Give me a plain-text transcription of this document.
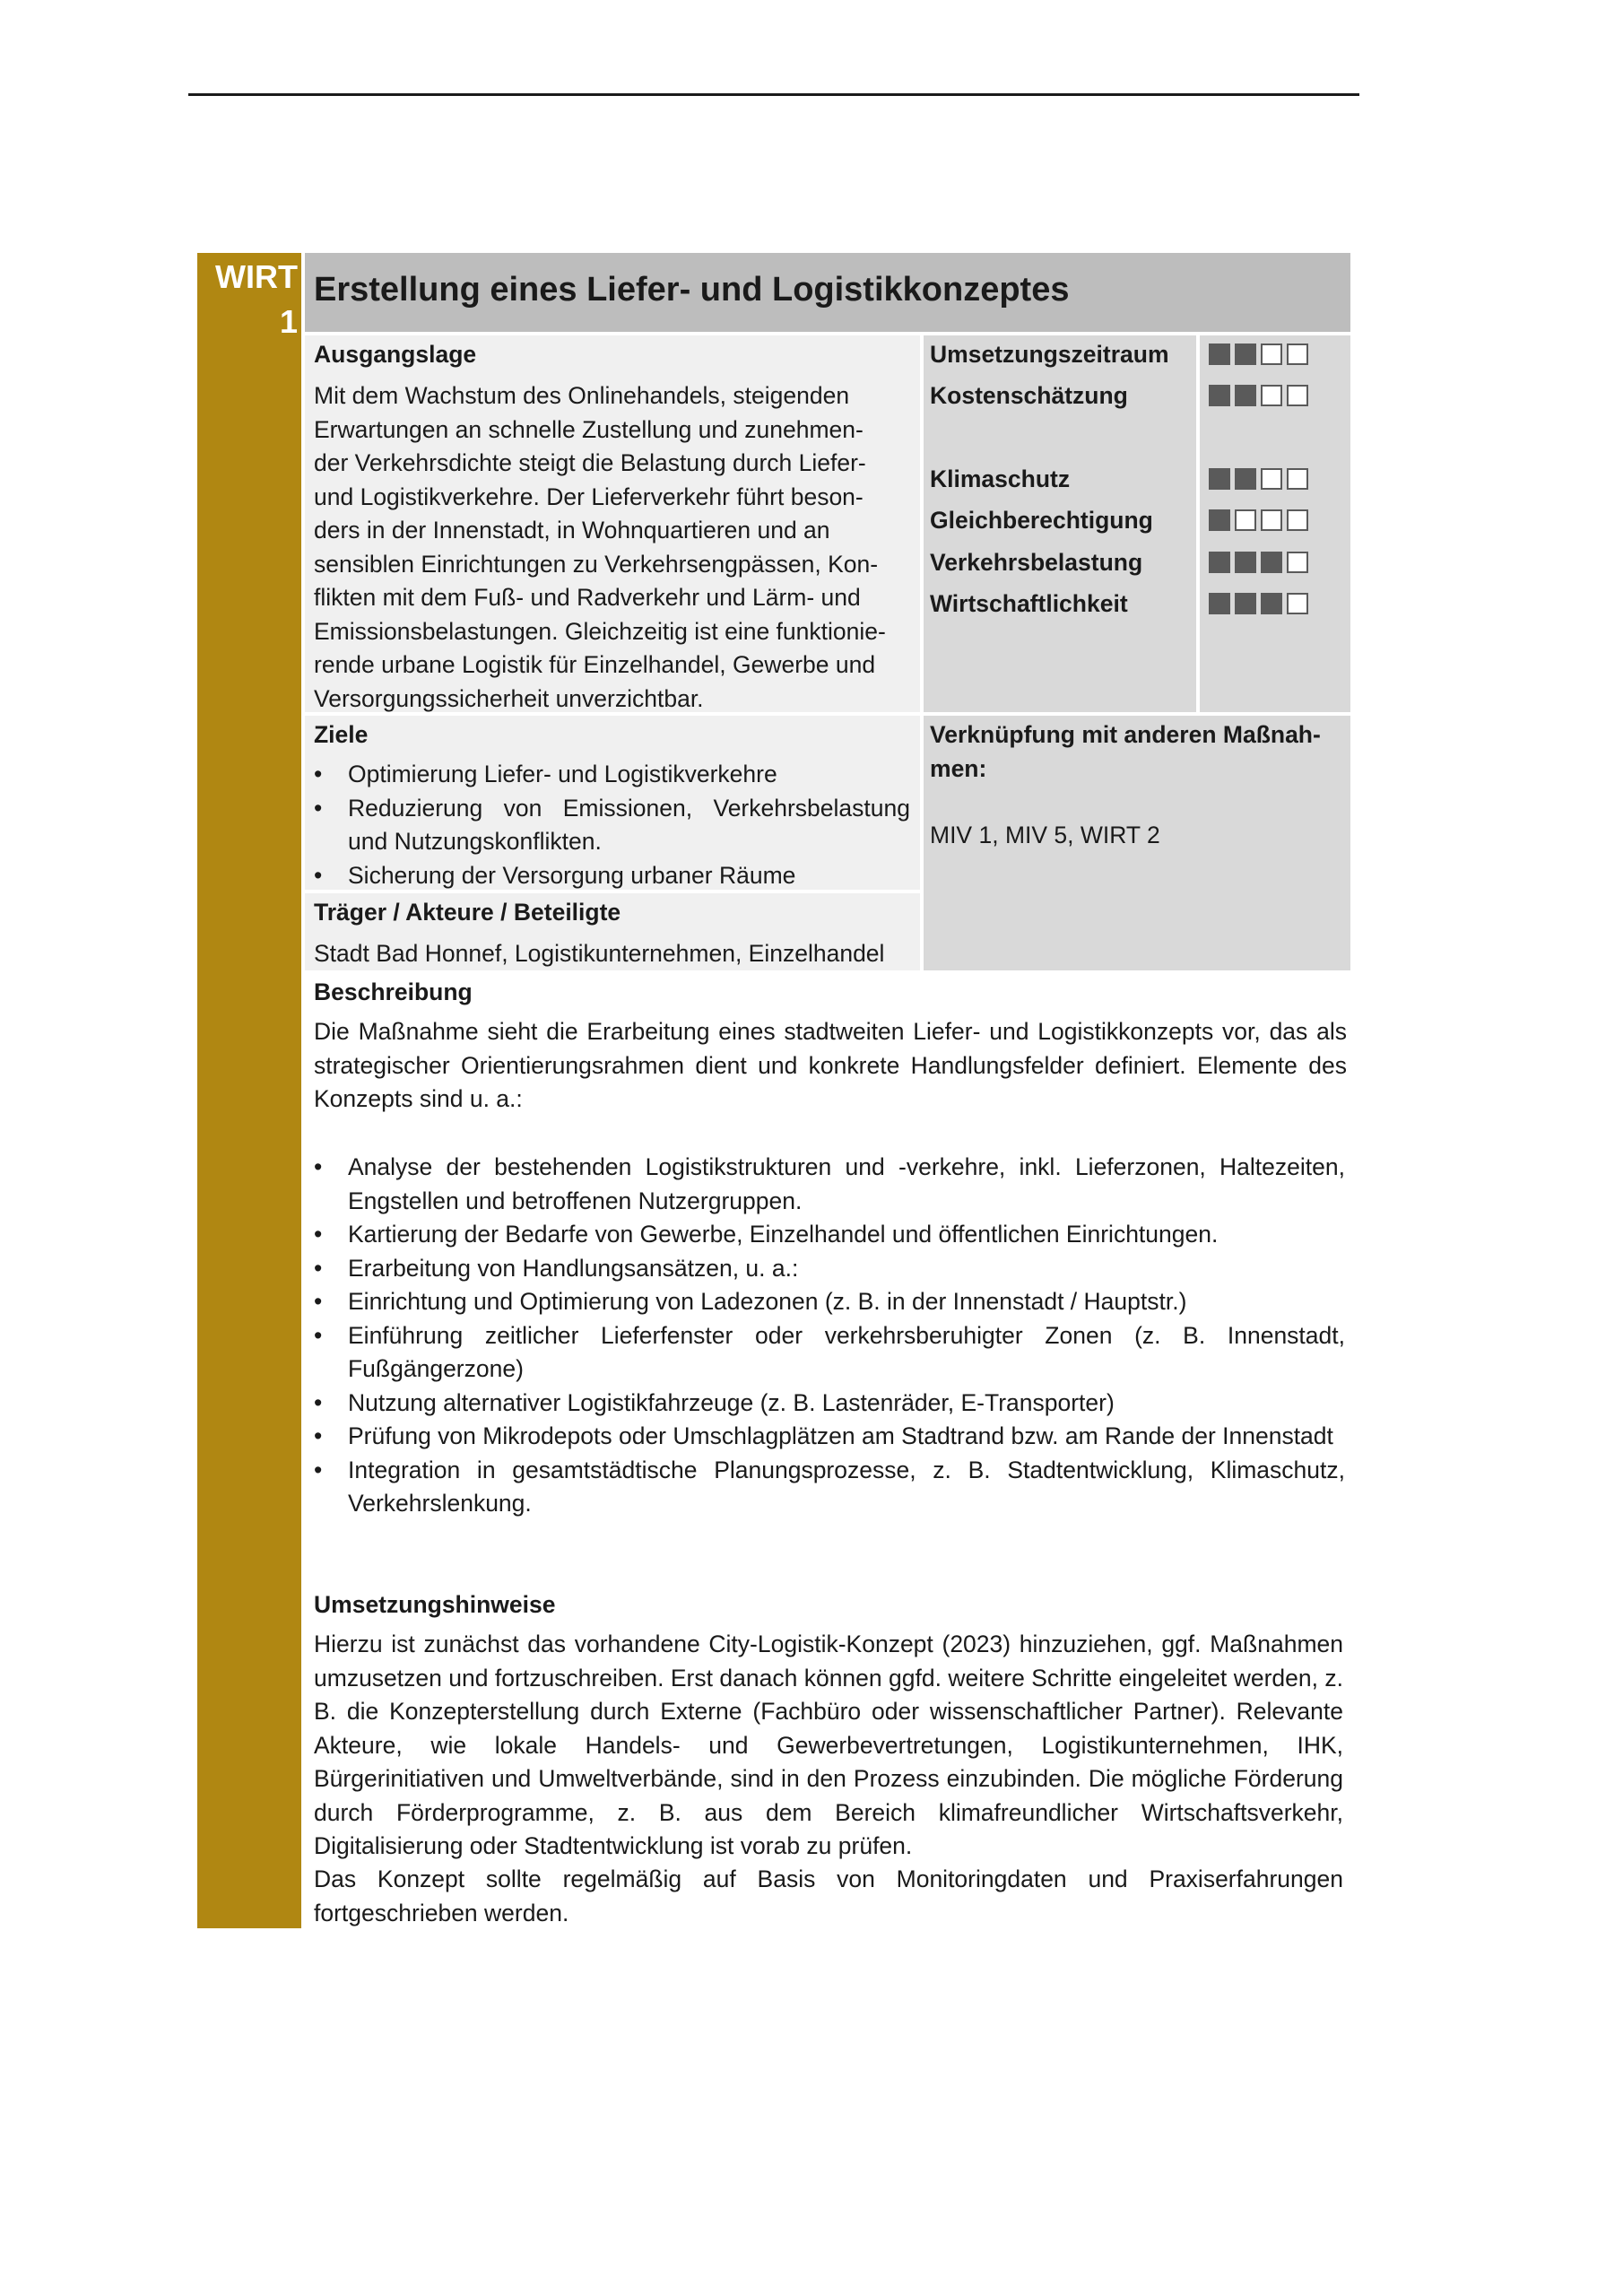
WIRT
1
Erstellung eines Liefer- und Logistikkonzeptes
Ausgangslage
Mit dem Wachstum des Onlinehandels, steigenden
Erwartungen an schnelle Zustellung und zunehmen-
der Verkehrsdichte steigt die Belastung durch Liefer-
und Logistikverkehre. Der Lieferverkehr führt beson-
ders in der Innenstadt, in Wohnquartieren und an
sensiblen Einrichtungen zu Verkehrsengpässen, Kon-
flikten mit dem Fuß- und Radverkehr und Lärm- und
Emissionsbelastungen. Gleichzeitig ist eine funktionie-
rende urbane Logistik für Einzelhandel, Gewerbe und
Versorgungssicherheit unverzichtbar.
Umsetzungszeitraum
Kostenschätzung
Klimaschutz
Gleichberechtigung
Verkehrsbelastung
Wirtschaftlichkeit
Ziele
• Optimierung Liefer- und Logistikverkehre
• Reduzierung von Emissionen, Verkehrsbelastung und Nutzungskonflikten.
• Sicherung der Versorgung urbaner Räume
Verknüpfung mit anderen Maßnah-
men:
MIV 1, MIV 5, WIRT 2
Träger / Akteure / Beteiligte
Stadt Bad Honnef, Logistikunternehmen, Einzelhandel
Beschreibung
Die Maßnahme sieht die Erarbeitung eines stadtweiten Liefer- und Logistikkonzepts vor, das als strategischer Orientierungsrahmen dient und konkrete Handlungsfelder definiert. Elemente des Konzepts sind u. a.:
• Analyse der bestehenden Logistikstrukturen und -verkehre, inkl. Lieferzonen, Haltezeiten, Engstellen und betroffenen Nutzergruppen.
• Kartierung der Bedarfe von Gewerbe, Einzelhandel und öffentlichen Einrichtungen.
• Erarbeitung von Handlungsansätzen, u. a.:
• Einrichtung und Optimierung von Ladezonen (z. B. in der Innenstadt / Hauptstr.)
• Einführung zeitlicher Lieferfenster oder verkehrsberuhigter Zonen (z. B. Innenstadt, Fußgängerzone)
• Nutzung alternativer Logistikfahrzeuge (z. B. Lastenräder, E-Transporter)
• Prüfung von Mikrodepots oder Umschlagplätzen am Stadtrand bzw. am Rande der Innenstadt
• Integration in gesamtstädtische Planungsprozesse, z. B. Stadtentwicklung, Klimaschutz, Verkehrslenkung.
Umsetzungshinweise
Hierzu ist zunächst das vorhandene City-Logistik-Konzept (2023) hinzuziehen, ggf. Maßnahmen umzusetzen und fortzuschreiben. Erst danach können ggfd. weitere Schritte eingeleitet werden, z. B. die Konzepterstellung durch Externe (Fachbüro oder wissenschaftlicher Partner). Relevante Akteure, wie lokale Handels- und Gewerbevertretungen, Logistikunternehmen, IHK, Bürgerinitiativen und Umweltverbände, sind in den Prozess einzubinden. Die mögliche Förderung durch Förderprogramme, z. B. aus dem Bereich klimafreundlicher Wirtschaftsverkehr, Digitalisierung oder Stadtentwicklung ist vorab zu prüfen.
Das Konzept sollte regelmäßig auf Basis von Monitoringdaten und Praxiserfahrungen fortgeschrieben werden.
